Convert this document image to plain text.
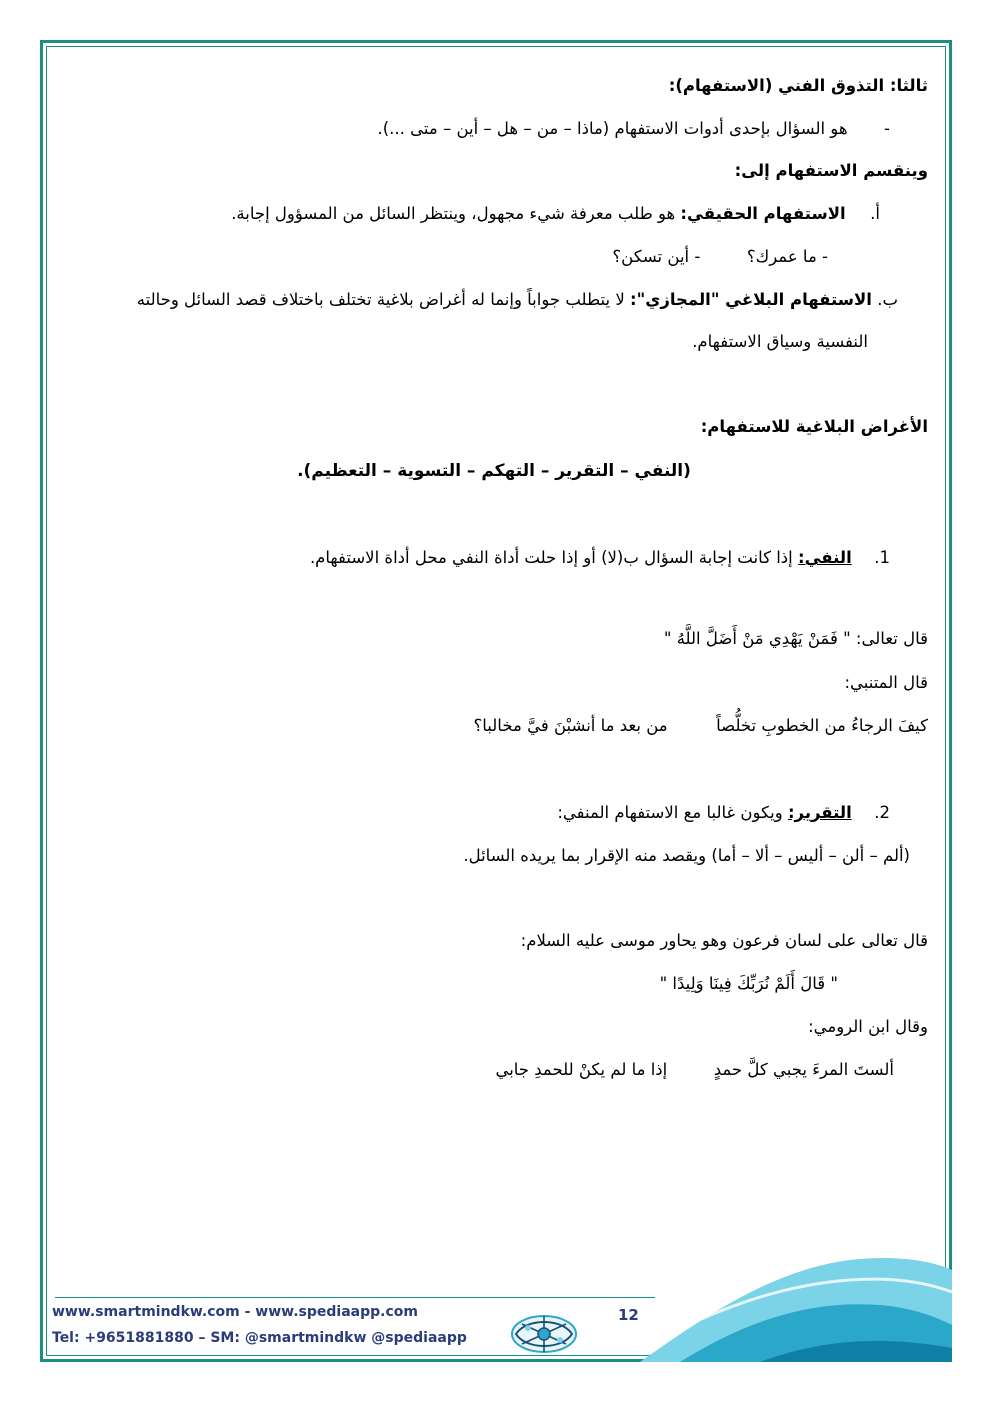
ثالثا: التذوق الفني (الاستفهام):
-  هو السؤال بإحدى أدوات الاستفهام (ماذا – من – هل – أين – متى ...).
وينقسم الاستفهام إلى:
أ.  الاستفهام الحقيقي: هو طلب معرفة شيء مجهول، وينتظر السائل من المسؤول إجابة.
- ما عمرك؟  - أين تسكن؟
ب. الاستفهام البلاغي "المجازي": لا يتطلب جواباً وإنما له أغراض بلاغية تختلف باختلاف قصد السائل وحالته
النفسية وسياق الاستفهام.
الأغراض البلاغية للاستفهام:
(النفي – التقرير – التهكم – التسوية – التعظيم).
1.  النفي: إذا كانت إجابة السؤال ب(لا) أو إذا حلت أداة النفي محل أداة الاستفهام.
قال تعالى: " فَمَنْ يَهْدِي مَنْ أَضَلَّ اللَّهُ "
قال المتنبي:
كيفَ الرجاءُ من الخطوبِ تخلُّصاً  من بعد ما أنشبْنَ فيَّ مخالبا؟
2.  التقرير: ويكون غالبا مع الاستفهام المنفي:
(ألم – ألن – أليس – ألا – أما) ويقصد منه الإقرار بما يريده السائل.
قال تعالى على لسان فرعون وهو يحاور موسى عليه السلام:
" قَالَ أَلَمْ نُرَبِّكَ فِينَا وَلِيدًا "
وقال ابن الرومي:
ألستَ المرءَ يجبي كلَّ حمدٍ  إذا ما لم يكنْ للحمدِ جابي
www.smartmindkw.com - www.spediaapp.com
Tel: +9651881880 – SM: @smartmindkw @spediaapp
12
